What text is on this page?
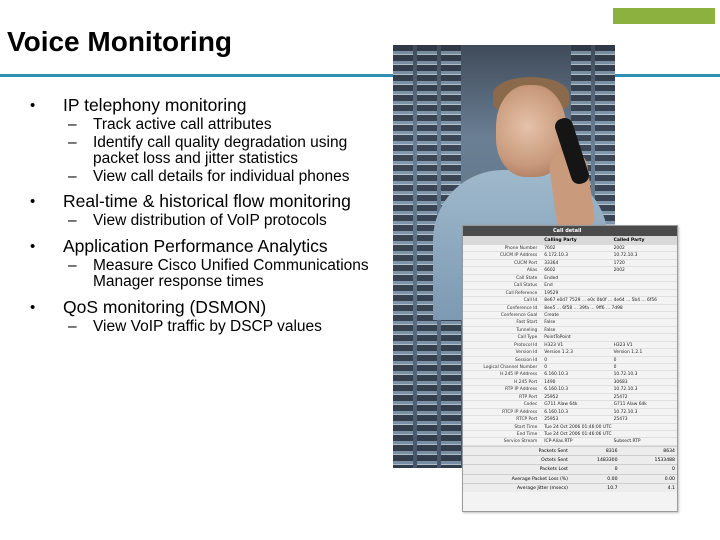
Voice Monitoring
• IP telephony monitoring
– Track active call attributes
– Identify call quality degradation using packet loss and jitter statistics
– View call details for individual phones
• Real-time & historical flow monitoring
– View distribution of VoIP protocols
• Application Performance Analytics
– Measure Cisco Unified Communications Manager response times
• QoS monitoring (DSMON)
– View VoIP traffic by DSCP values
Call detail
Calling Party	Called Party
Phone Number	7602	2002
CUCM IP Address	6.172.10.3	10.72.10.3
CUCM Port	33364	1720
Alias	6602	2002
Call State	Ended
Call Status	End
Call Reference	19529
Call Id	8e67 e0d7 7529 ... e0c 0b0f ... 4e64 ... 5b4 ... 6f56
Conference Id	8ee5 ... 6f58 ... 39fa ... 9ff6 ... 7d98
Conference Goal	Create
Fast Start	False
Tunneling	False
Call Type	PointToPoint
Protocol Id	H323 V1	H323 V1
Version Id	Version 1.2.3	Version 1.2.1
Session Id	0	0
Logical Channel Number	0	0
H.245 IP Address	6.160.10.3	10.72.10.3
H.245 Port	1490	30683
RTP IP Address	6.160.10.3	10.72.10.3
RTP Port	25952	25472
Codec	G711 Alaw 64k	G711 Alaw 64k
RTCP IP Address	6.160.10.3	10.72.10.3
RTCP Port	25953	25473
Start Time	Tue 24 Oct 2006 01:46:00 UTC
End Time	Tue 24 Oct 2006 01:46:06 UTC
Service Stream	ICP-Alias.RTP	Subsect.RTP
Packets Sent	8316	8634
Octets Sent	1483300	1533488
Packets Lost	0	0
Average Packet Loss (%)	0.00	0.00
Average Jitter (msecs)	10.7	4.1
